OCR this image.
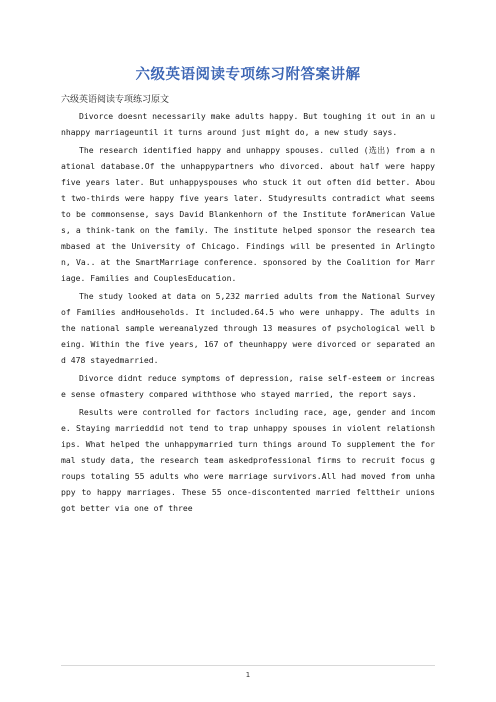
六级英语阅读专项练习附答案讲解
六级英语阅读专项练习原文

Divorce doesnt necessarily make adults happy. But toughing it out in an unhappy marriageuntil it turns around just might do, a new study says.

The research identified happy and unhappy spouses. culled (选出) from a national database.Of the unhappypartners who divorced. about half were happy five years later. But unhappyspouses who stuck it out often did better. About two-thirds were happy five years later. Studyresults contradict what seems to be commonsense, says David Blankenhorn of the Institute forAmerican Values, a think-tank on the family. The institute helped sponsor the research teambased at the University of Chicago. Findings will be presented in Arlington, Va.. at the SmartMarriage conference. sponsored by the Coalition for Marriage. Families and CouplesEducation.

The study looked at data on 5,232 married adults from the National Survey of Families andHouseholds. It included.64.5 who were unhappy. The adults in the national sample wereanalyzed through 13 measures of psychological well being. Within the five years, 167 of theunhappy were divorced or separated and 478 stayedmarried.

Divorce didnt reduce symptoms of depression, raise self-esteem or increase sense ofmastery compared withthose who stayed married, the report says.

Results were controlled for factors including race, age, gender and income. Staying marrieddid not tend to trap unhappy spouses in violent relationships. What helped the unhappymarried turn things around To supplement the formal study data, the research team askedprofessional firms to recruit focus groups totaling 55 adults who were marriage survivors.All had moved from unhappy to happy marriages. These 55 once-discontented married felttheir unions got better via one of three

1
